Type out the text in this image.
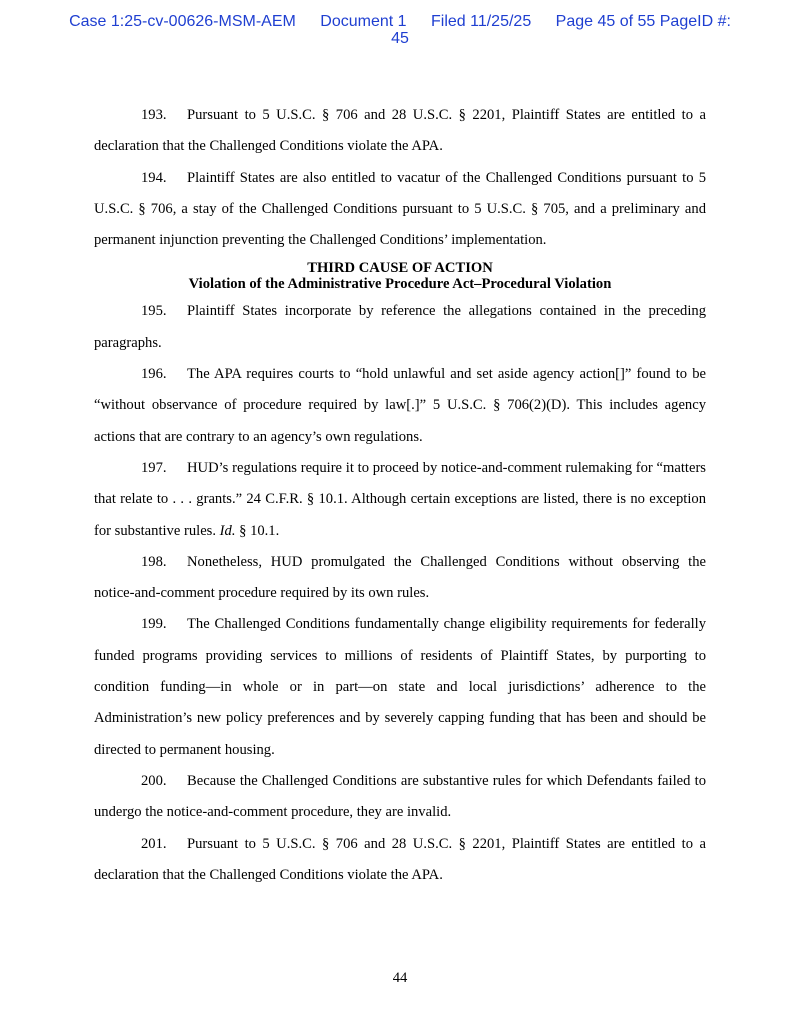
Case 1:25-cv-00626-MSM-AEM Document 1 Filed 11/25/25 Page 45 of 55 PageID #:
45

193. Pursuant to 5 U.S.C. § 706 and 28 U.S.C. § 2201, Plaintiff States are entitled to a declaration that the Challenged Conditions violate the APA.

194. Plaintiff States are also entitled to vacatur of the Challenged Conditions pursuant to 5 U.S.C. § 706, a stay of the Challenged Conditions pursuant to 5 U.S.C. § 705, and a preliminary and permanent injunction preventing the Challenged Conditions’ implementation.

THIRD CAUSE OF ACTION
Violation of the Administrative Procedure Act–Procedural Violation

195. Plaintiff States incorporate by reference the allegations contained in the preceding paragraphs.

196. The APA requires courts to “hold unlawful and set aside agency action[]” found to be “without observance of procedure required by law[.]” 5 U.S.C. § 706(2)(D). This includes agency actions that are contrary to an agency’s own regulations.

197. HUD’s regulations require it to proceed by notice-and-comment rulemaking for “matters that relate to . . . grants.” 24 C.F.R. § 10.1. Although certain exceptions are listed, there is no exception for substantive rules. Id. § 10.1.

198. Nonetheless, HUD promulgated the Challenged Conditions without observing the notice-and-comment procedure required by its own rules.

199. The Challenged Conditions fundamentally change eligibility requirements for federally funded programs providing services to millions of residents of Plaintiff States, by purporting to condition funding—in whole or in part—on state and local jurisdictions’ adherence to the Administration’s new policy preferences and by severely capping funding that has been and should be directed to permanent housing.

200. Because the Challenged Conditions are substantive rules for which Defendants failed to undergo the notice-and-comment procedure, they are invalid.

201. Pursuant to 5 U.S.C. § 706 and 28 U.S.C. § 2201, Plaintiff States are entitled to a declaration that the Challenged Conditions violate the APA.

44
